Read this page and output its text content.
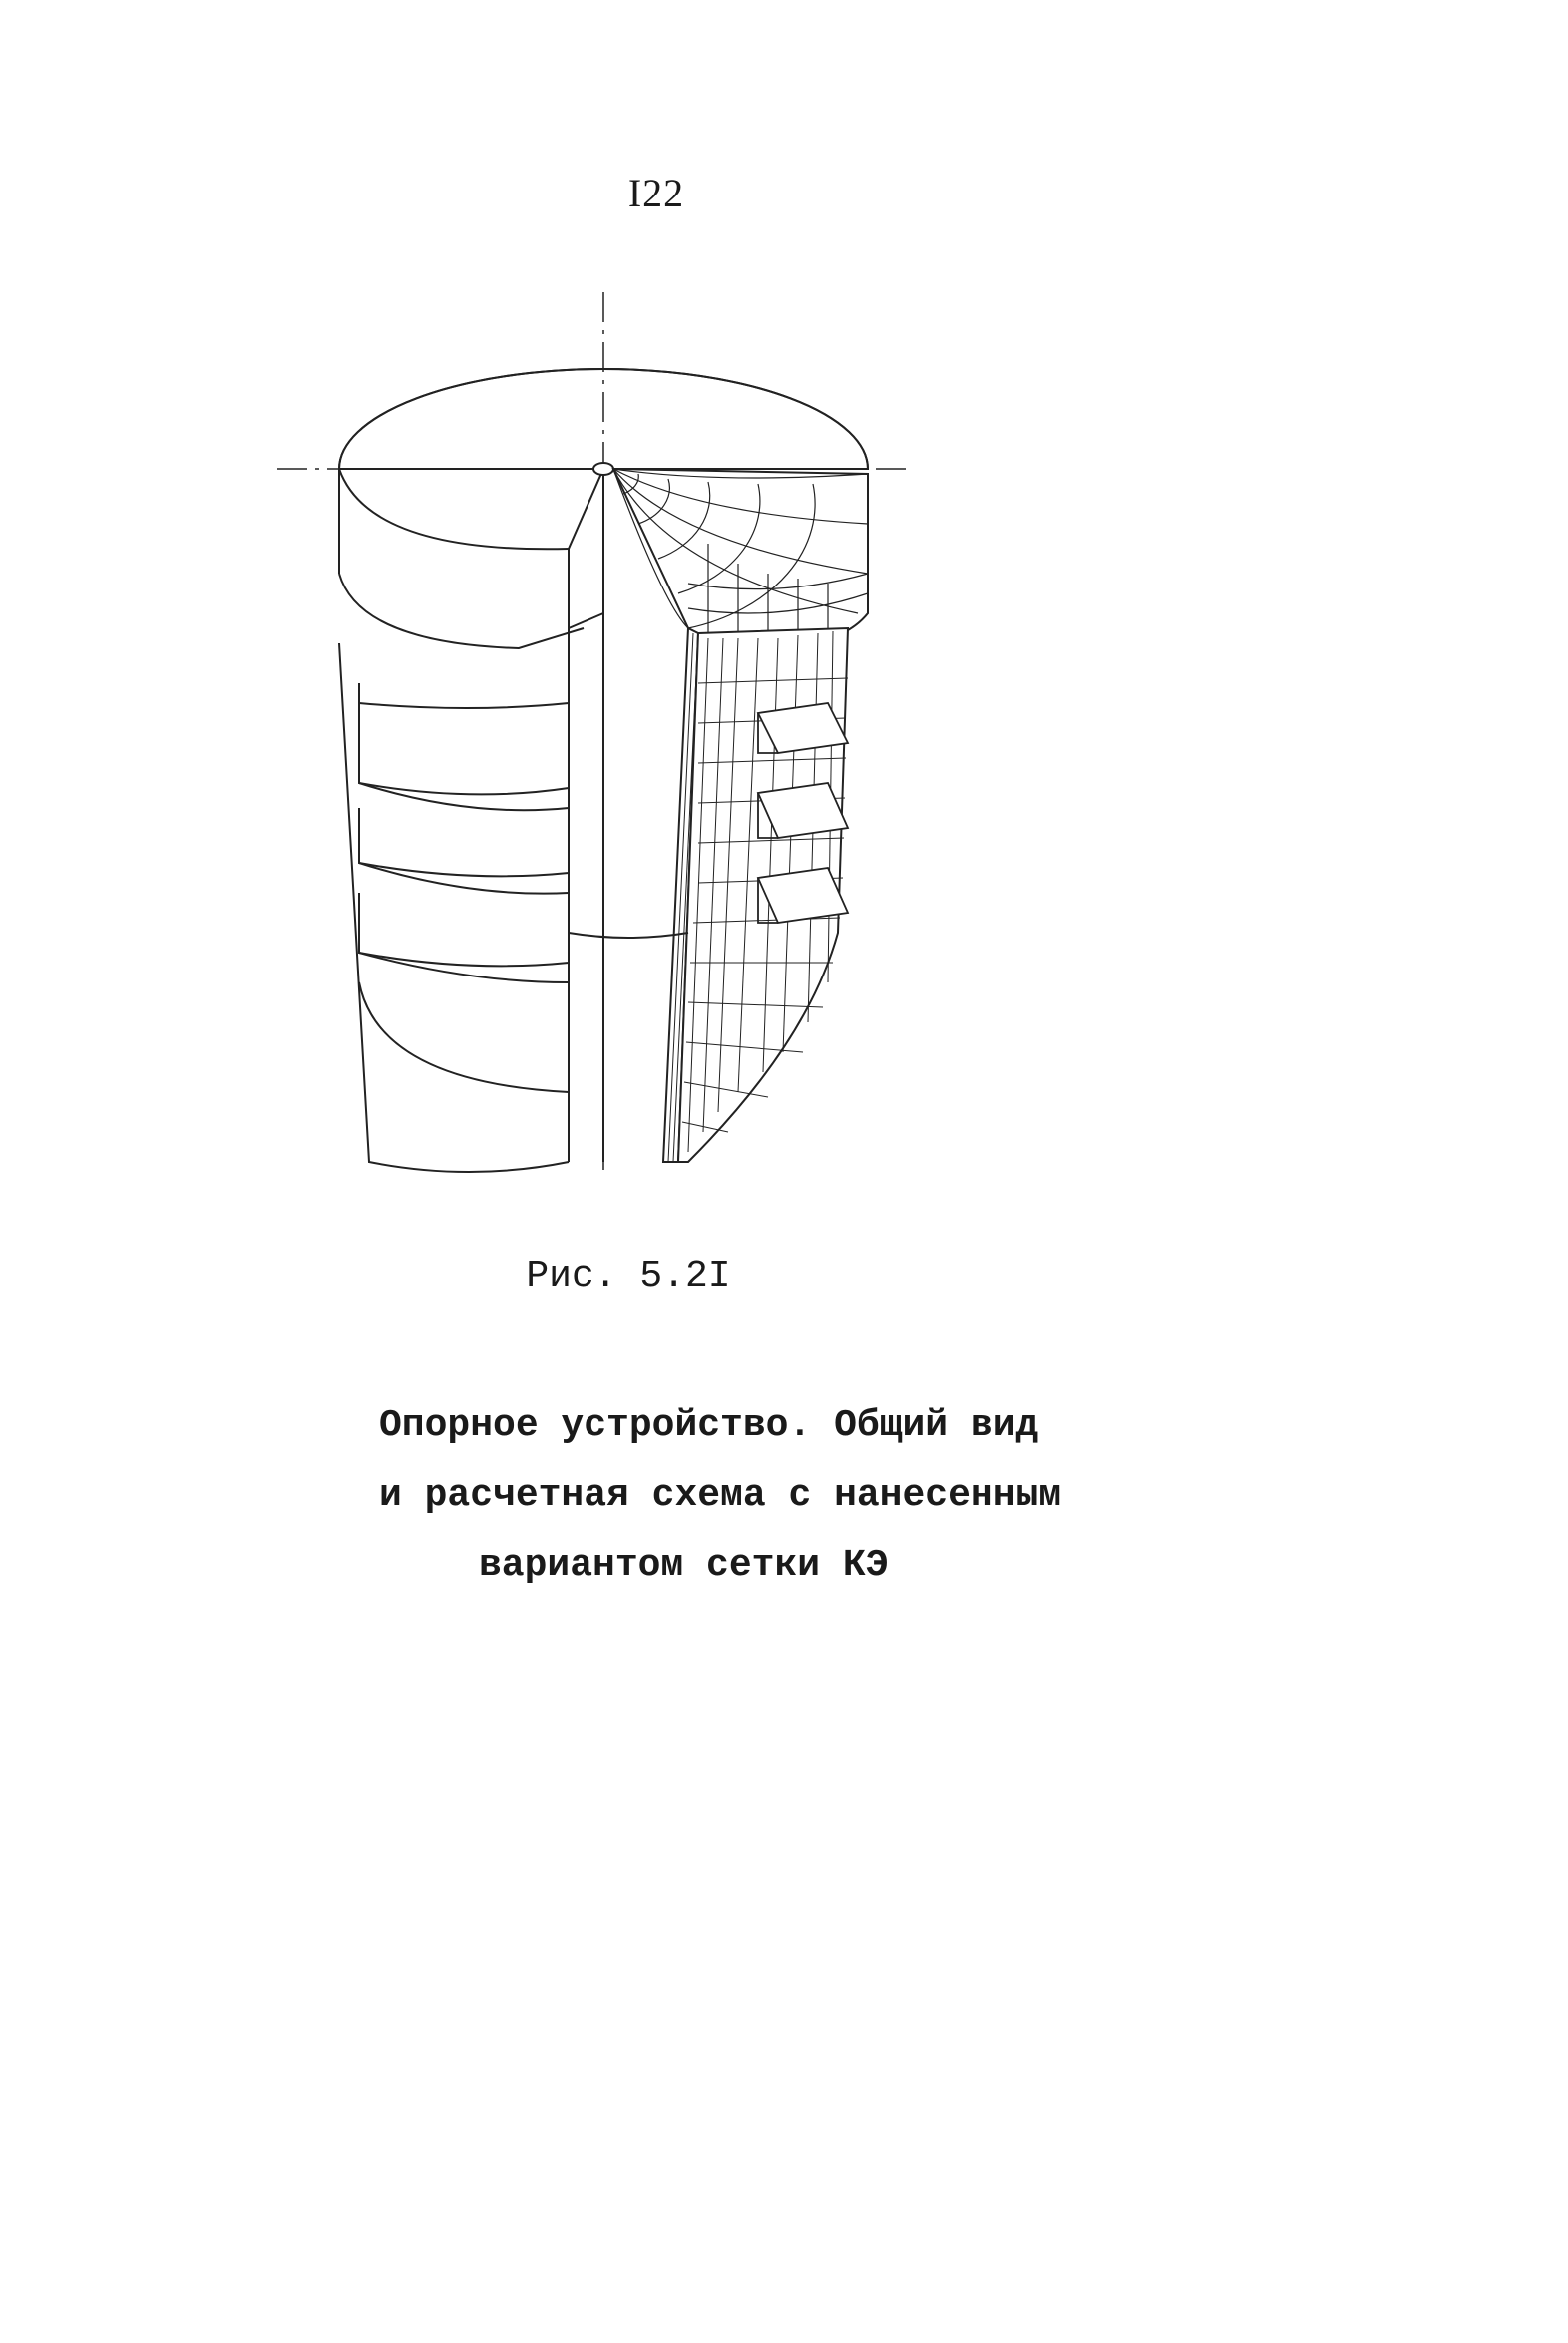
I22
Рис. 5.2I
Опорное устройство. Общий вид
и расчетная схема с нанесенным
вариантом сетки КЭ
